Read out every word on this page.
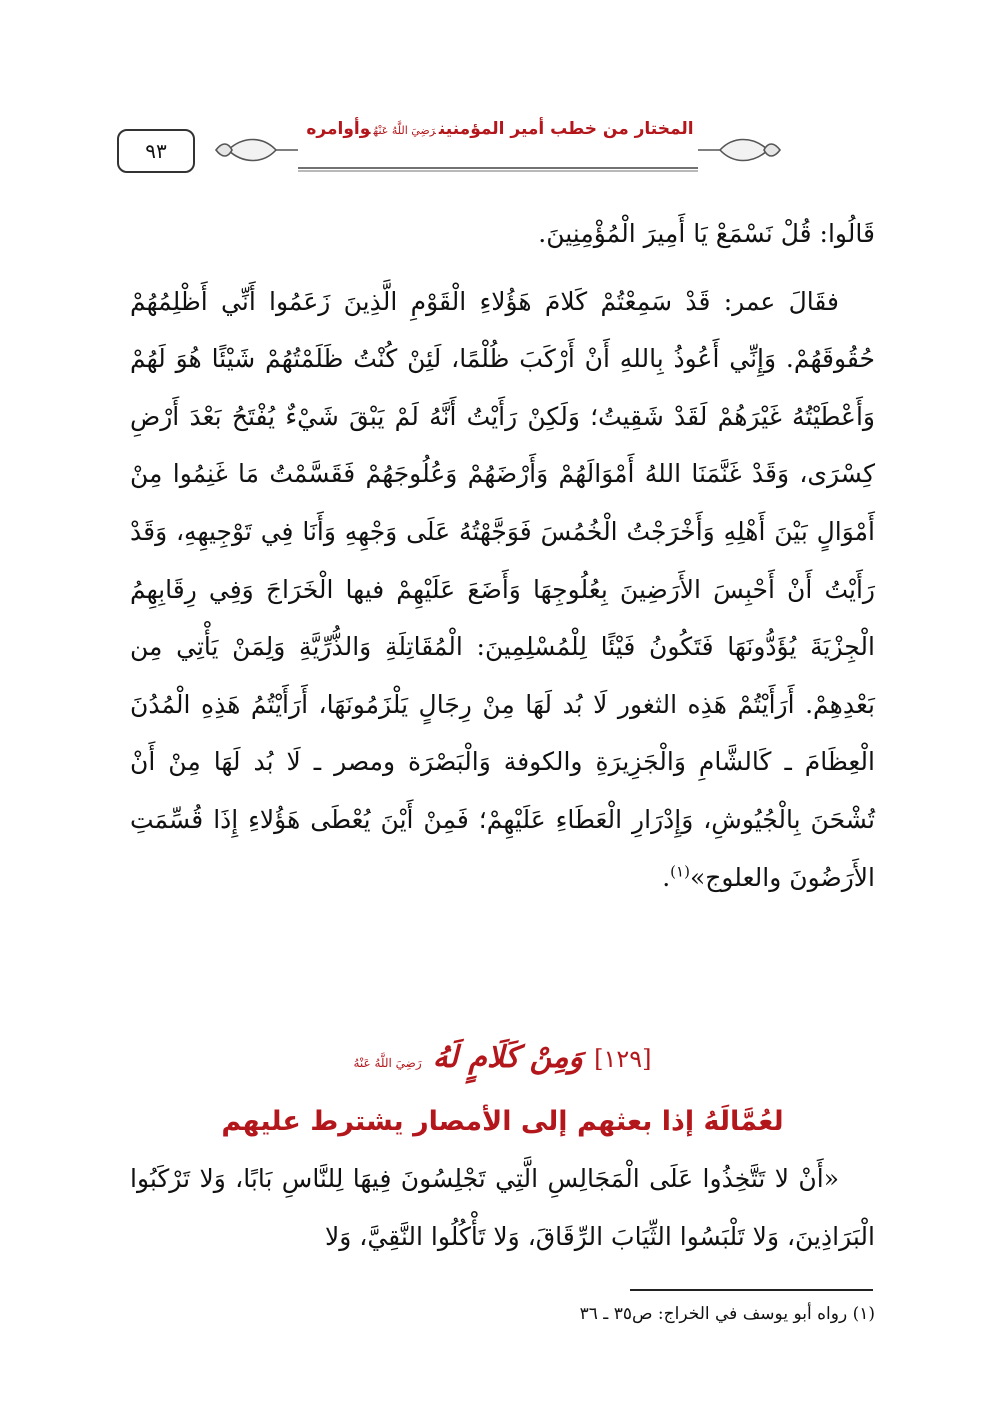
٩٣
المختار من خطب أمير المؤمنينرَضِيَ اللَّهُ عَنْهُوأوامره

قَالُوا: قُلْ نَسْمَعْ يَا أَمِيرَ الْمُؤْمِنِينَ.

فقَالَ عمر: قَدْ سَمِعْتُمْ كَلامَ هَؤُلاءِ الْقَوْمِ الَّذِينَ زَعَمُوا أَنِّي أَظْلِمُهُمْ حُقُوقَهُمْ. وَإِنِّي أَعُوذُ بِاللهِ أَنْ أَرْكَبَ ظُلْمًا، لَئِنْ كُنْتُ ظَلَمْتُهُمْ شَيْئًا هُوَ لَهُمْ وَأَعْطَيْتُهُ غَيْرَهُمْ لَقَدْ شَقِيتُ؛ وَلَكِنْ رَأَيْتُ أَنَّهُ لَمْ يَبْقَ شَيْءٌ يُفْتَحُ بَعْدَ أَرْضِ كِسْرَى، وَقَدْ غَنَّمَنَا اللهُ أَمْوَالَهُمْ وَأَرْضَهُمْ وَعُلُوجَهُمْ فَقَسَّمْتُ مَا غَنِمُوا مِنْ أَمْوَالٍ بَيْنَ أَهْلِهِ وَأَخْرَجْتُ الْخُمُسَ فَوَجَّهْتُهُ عَلَى وَجْهِهِ وَأَنَا فِي تَوْجِيهِهِ، وَقَدْ رَأَيْتُ أَنْ أَحْبِسَ الأَرَضِينَ بِعُلُوجِهَا وَأَضَعَ عَلَيْهِمْ فيها الْخَرَاجَ وَفِي رِقَابِهِمُ الْجِزْيَةَ يُؤَدُّونَهَا فَتَكُونُ فَيْئًا لِلْمُسْلِمِينَ: الْمُقَاتِلَةِ وَالذُّرِّيَّةِ وَلِمَنْ يَأْتِي مِن بَعْدِهِمْ. أَرَأَيْتُمْ هَذِه الثغور لَا بُد لَهَا مِنْ رِجَالٍ يَلْزَمُونَهَا، أَرَأَيْتُمُ هَذِهِ الْمُدُنَ الْعِظَامَ ـ كَالشَّامِ وَالْجَزِيرَةِ والكوفة وَالْبَصْرَة ومصر ـ لَا بُد لَهَا مِنْ أَنْ تُشْحَنَ بِالْجُيُوشِ، وَإِدْرَارِ الْعَطَاءِ عَلَيْهِمْ؛ فَمِنْ أَيْنَ يُعْطَى هَؤُلاءِ إِذَا قُسِّمَتِ الأَرَضُونَ والعلوج»$^{(١)}$.

[١٢٩] وَمِنْ كَلَامٍ لَهُ رَضِيَ اللَّهُ عَنْهُ
لعُمَّالَهُ إذا بعثهم إلى الأمصار يشترط عليهم

«أَنْ لا تَتَّخِذُوا عَلَى الْمَجَالِسِ الَّتِي تَجْلِسُونَ فِيهَا لِلنَّاسِ بَابًا، وَلا تَرْكَبُوا الْبَرَاذِينَ، وَلا تَلْبَسُوا الثِّيَابَ الرِّقَاقَ، وَلا تَأْكُلُوا النَّقِيَّ، وَلا

(١) رواه أبو يوسف في الخراج: ص٣٥ ـ ٣٦
